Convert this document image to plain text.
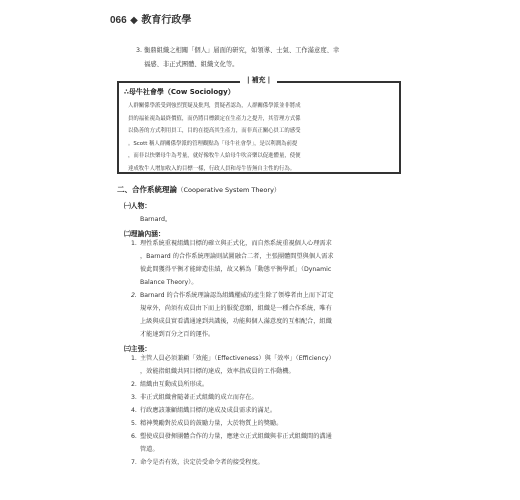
066 ◆ 教育行政學
3. 衡鼎組織之相關「個人」層面的研究，如領導、士氣、工作滿意度、幸
福感、非正式團體、組織文化等。
| 補充 |
∴母牛社會學（Cow Sociology）
人群關係學派受到強烈質疑及批判，質疑者認為，人群關係學派並非將成
員的福祉視為最終價值，而仍將目標鎖定在生產力之提升，其管理方式係
以偽善的方式利用員工，目的在提高其生產力，而非真正關心員工的感受
。Scott 稱人群關係學派的管理觀點為「母牛社會學」，是以利潤為前提
，而非以快樂母牛為考量，就好像牧牛人給母牛吹音樂以促進體量，使便
達成牧牛人增加收入的目標一樣，行政人員和母牛皆無自主性的行為。
二、合作系統理論（Cooperative System Theory）
㈠人物：
Barnard。
㈡理論內涵：
1. 理性系統重視組織目標的確立與正式化，而自然系統重視個人心理需求
，Barnard 的合作系統理論則試圖融合二者，主張團體間望與個人需求
彼此間獲得平衡才能締造佳績，故又稱為「動態平衡學派」（Dynamic
Balance Theory）。
2. Barnard 的合作系統理論認為組織權威的產生除了領導者由上而下訂定
規章外，尚須有成員由下而上的服從意願，組織是一種合作系統，唯有
上級與成員實看溝通達到共識後，功能與個人滿意度的互相配合，組織
才能達到百分之百的運作。
㈢主張：
1. 主管人員必須兼顧「效能」（Effectiveness）與「效率」（Efficiency）
，效能指組織共同目標的達成，效率指成員的工作動機。
2. 組織由互動成員所形成。
3. 非正式組織會隨著正式組織的成立而存在。
4. 行政應該兼顧組織目標的達成及成員需求的滿足。
5. 精神獎勵對於成員的鼓勵力量，大於物質上的獎勵。
6. 塑使成員發揮團體合作的力量，應建立正式組織與非正式組織間的溝通
管道。
7. 命令是否有效，決定於受命令者的接受程度。
